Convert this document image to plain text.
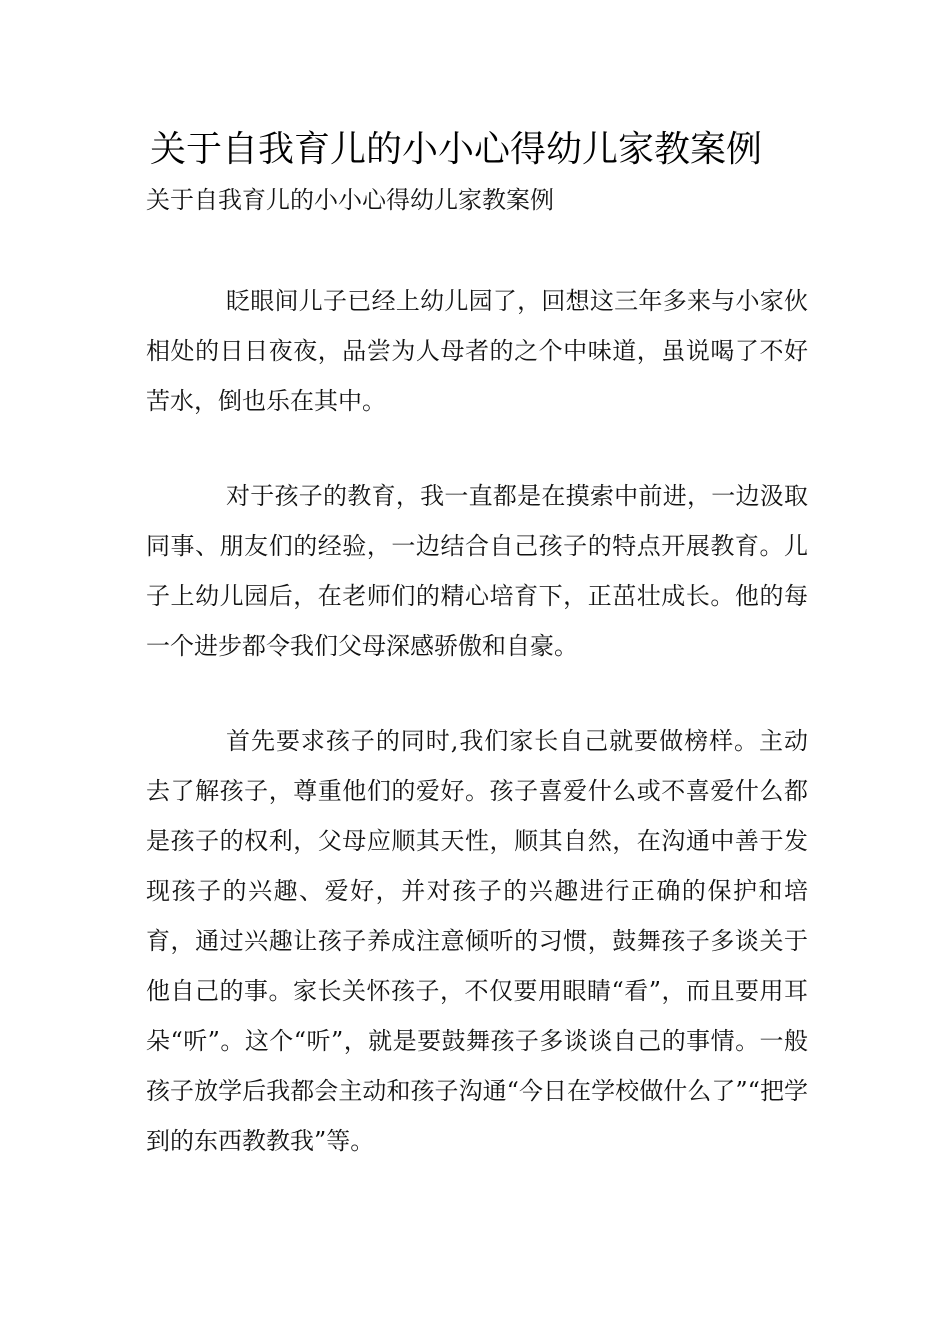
关于自我育儿的小小心得幼儿家教案例
关于自我育儿的小小心得幼儿家教案例

眨眼间儿子已经上幼儿园了，回想这三年多来与小家伙相处的日日夜夜，品尝为人母者的之个中味道，虽说喝了不好苦水，倒也乐在其中。

对于孩子的教育，我一直都是在摸索中前进，一边汲取同事、朋友们的经验，一边结合自己孩子的特点开展教育。儿子上幼儿园后，在老师们的精心培育下，正茁壮成长。他的每一个进步都令我们父母深感骄傲和自豪。

首先要求孩子的同时,我们家长自己就要做榜样。主动去了解孩子，尊重他们的爱好。孩子喜爱什么或不喜爱什么都是孩子的权利，父母应顺其天性，顺其自然，在沟通中善于发现孩子的兴趣、爱好，并对孩子的兴趣进行正确的保护和培育，通过兴趣让孩子养成注意倾听的习惯，鼓舞孩子多谈关于他自己的事。家长关怀孩子，不仅要用眼睛“看”，而且要用耳朵“听”。这个“听”，就是要鼓舞孩子多谈谈自己的事情。一般孩子放学后我都会主动和孩子沟通“今日在学校做什么了”“把学到的东西教教我”等。
